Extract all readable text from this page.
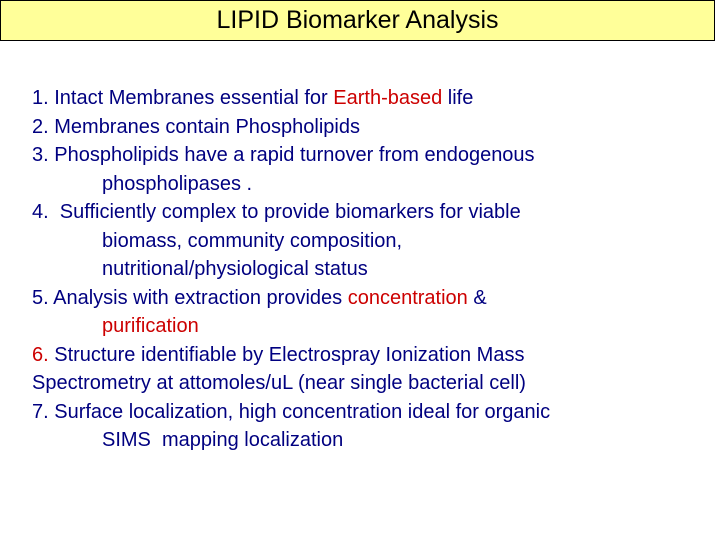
LIPID Biomarker Analysis
1. Intact Membranes essential for Earth-based life
2. Membranes contain Phospholipids
3. Phospholipids have a rapid turnover from endogenous
phospholipases .
4.  Sufficiently complex to provide biomarkers for viable
biomass, community composition,
nutritional/physiological status
5. Analysis with extraction provides concentration &
purification
6. Structure identifiable by Electrospray Ionization Mass
Spectrometry at attomoles/uL (near single bacterial cell)
7. Surface localization, high concentration ideal for organic
SIMS  mapping localization
